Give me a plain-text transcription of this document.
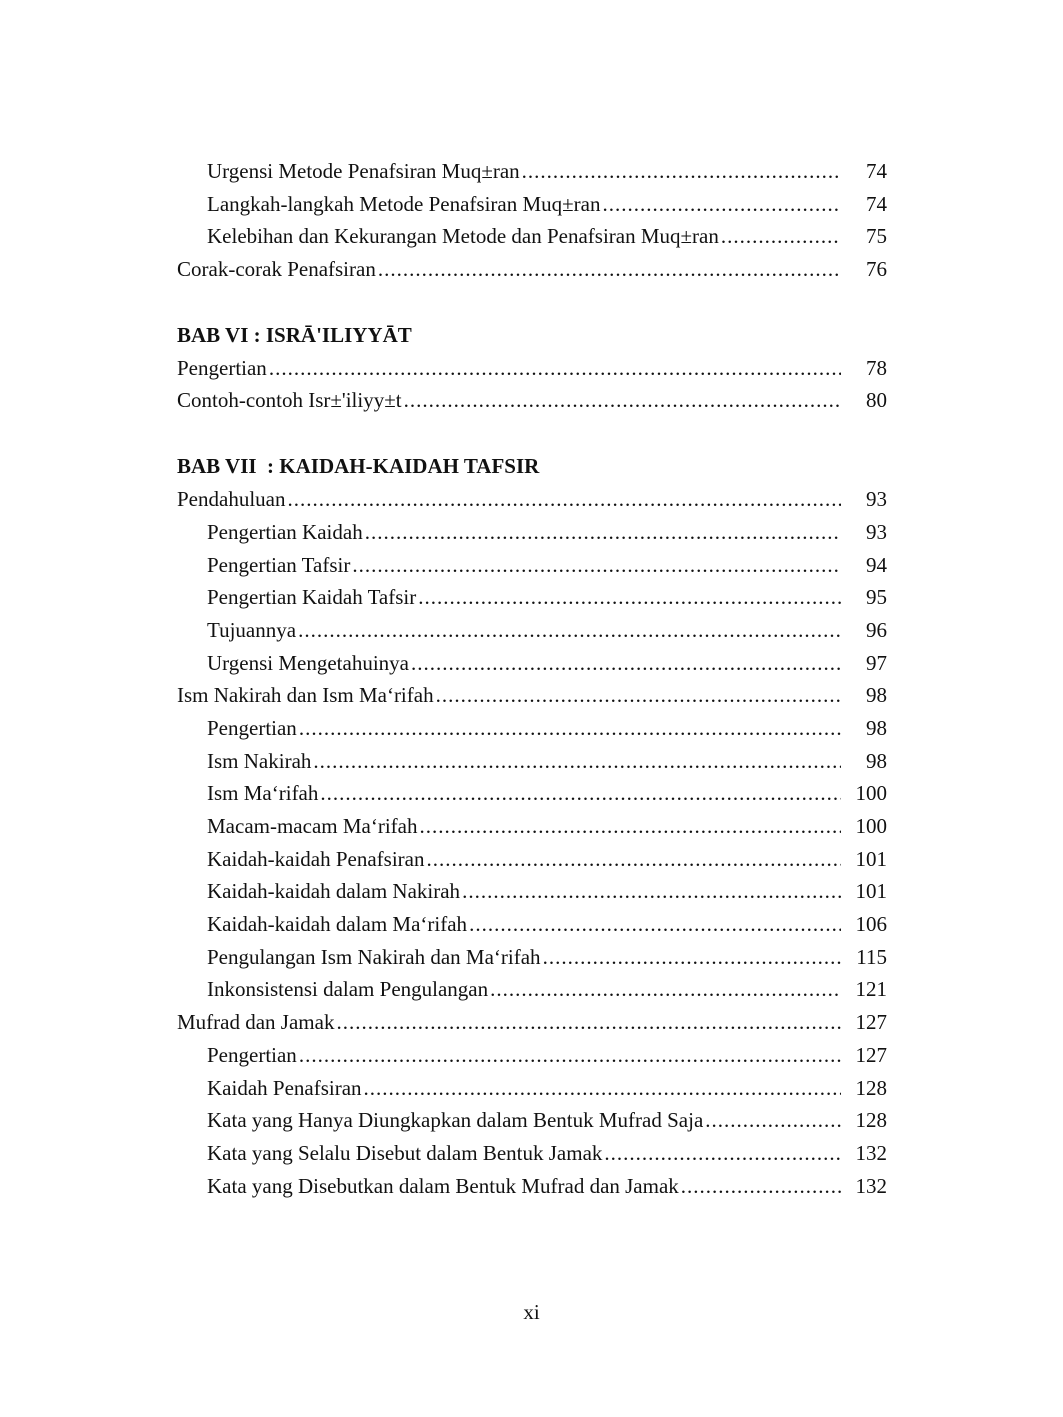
Urgensi Metode Penafsiran Muq±ran .....	74
Langkah-langkah Metode Penafsiran Muq±ran .....	74
Kelebihan dan Kekurangan Metode dan Penafsiran Muq±ran .....	75
Corak-corak Penafsiran .....	76
BAB VI : ISRĀ'ILIYYĀT
Pengertian .....	78
Contoh-contoh Isr±'iliyy±t .....	80
BAB VII  : KAIDAH-KAIDAH TAFSIR
Pendahuluan .....	93
Pengertian Kaidah .....	93
Pengertian Tafsir .....	94
Pengertian Kaidah Tafsir .....	95
Tujuannya .....	96
Urgensi Mengetahuinya .....	97
Ism Nakirah dan Ism Ma‘rifah .....	98
Pengertian .....	98
Ism Nakirah .....	98
Ism Ma‘rifah .....	100
Macam-macam Ma‘rifah .....	100
Kaidah-kaidah Penafsiran .....	101
Kaidah-kaidah dalam Nakirah .....	101
Kaidah-kaidah dalam Ma‘rifah .....	106
Pengulangan Ism Nakirah dan Ma‘rifah .....	115
Inkonsistensi dalam Pengulangan .....	121
Mufrad dan Jamak .....	127
Pengertian .....	127
Kaidah Penafsiran .....	128
Kata yang Hanya Diungkapkan dalam Bentuk Mufrad Saja .....	128
Kata yang Selalu Disebut dalam Bentuk Jamak .....	132
Kata yang Disebutkan dalam Bentuk Mufrad dan Jamak .....	132
xi
